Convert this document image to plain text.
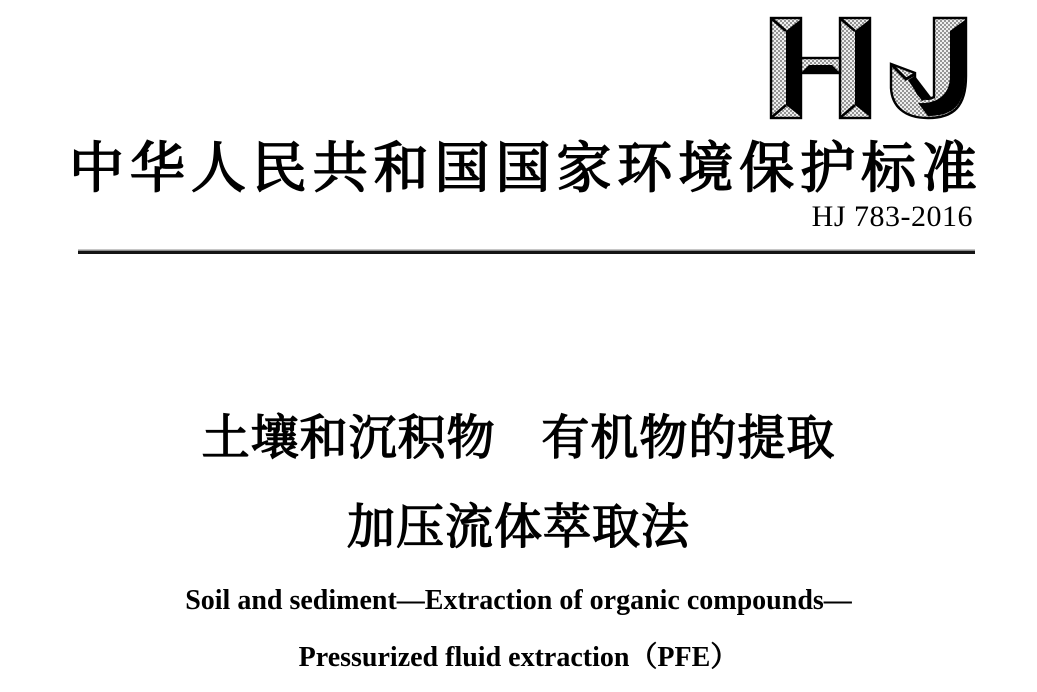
中 华 人 民 共 和 国 国 家 环 境 保 护 标 准
HJ 783-2016
土壤和沉积物 有机物的提取
加压流体萃取法
Soil and sediment—Extraction of organic compounds—
Pressurized fluid extraction（PFE）
